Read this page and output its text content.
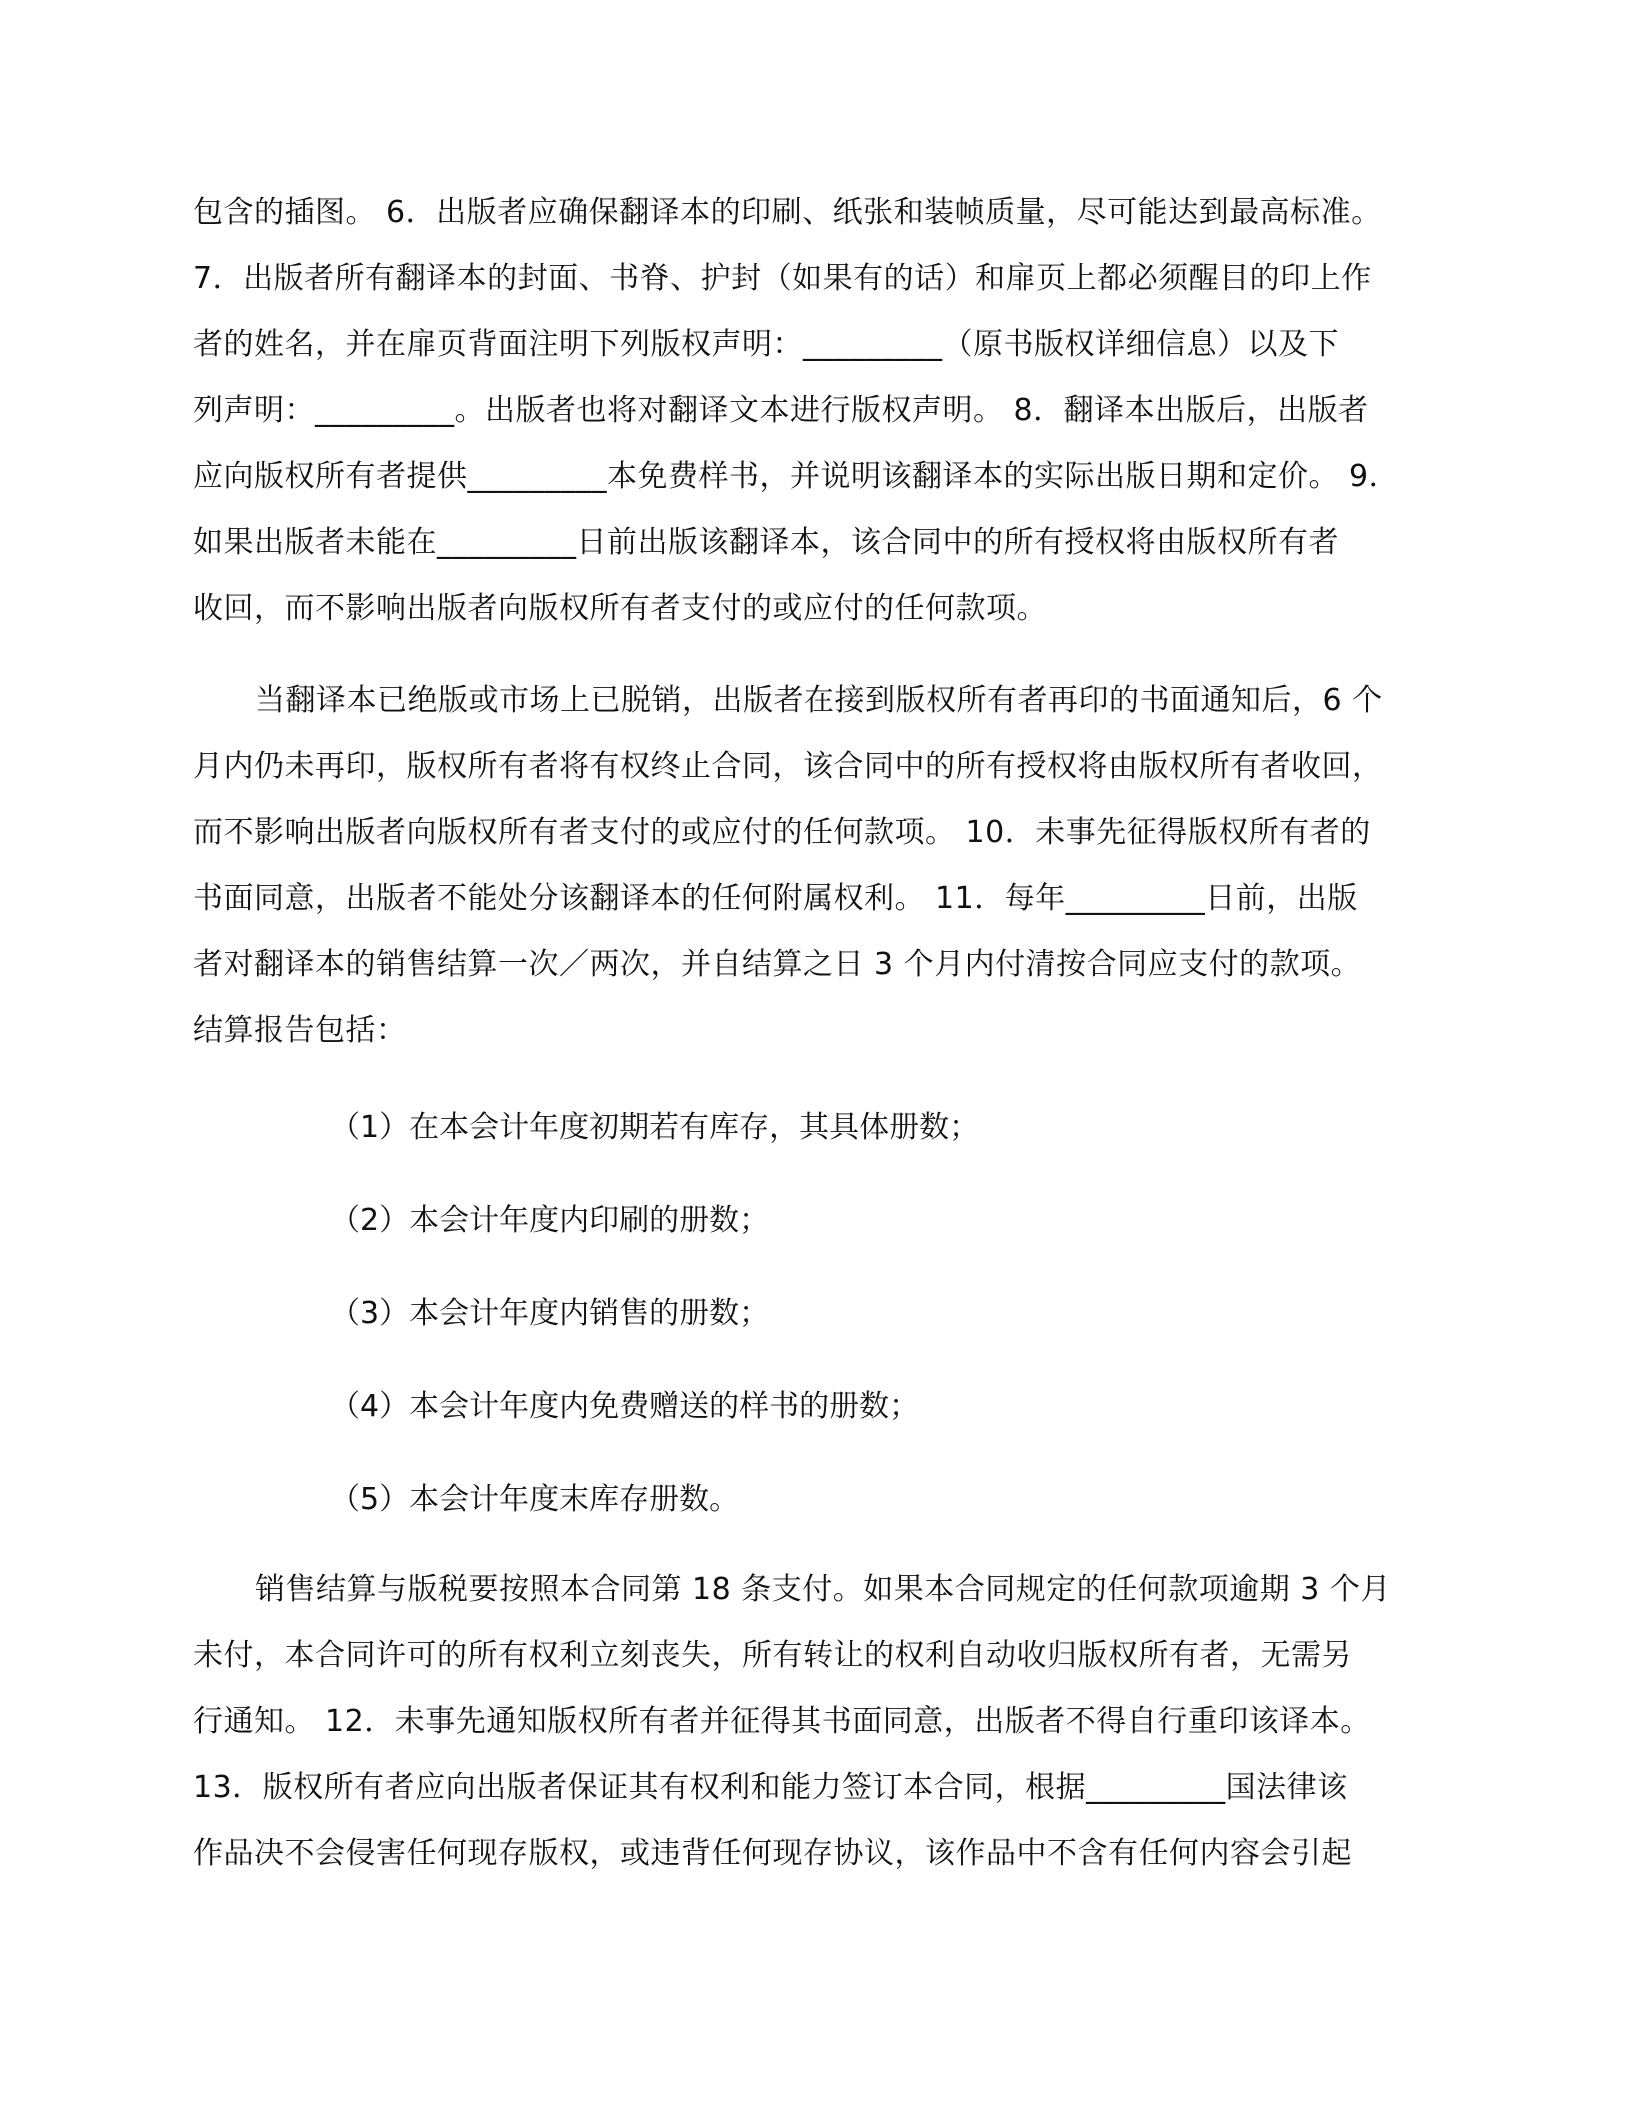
包含的插图。 6．出版者应确保翻译本的印刷、纸张和装帧质量，尽可能达到最高标准。
7．出版者所有翻译本的封面、书脊、护封（如果有的话）和扉页上都必须醒目的印上作
者的姓名，并在扉页背面注明下列版权声明：_________（原书版权详细信息）以及下
列声明：_________。出版者也将对翻译文本进行版权声明。 8．翻译本出版后，出版者
应向版权所有者提供_________本免费样书，并说明该翻译本的实际出版日期和定价。 9．
如果出版者未能在_________日前出版该翻译本，该合同中的所有授权将由版权所有者
收回，而不影响出版者向版权所有者支付的或应付的任何款项。
当翻译本已绝版或市场上已脱销，出版者在接到版权所有者再印的书面通知后，6 个
月内仍未再印，版权所有者将有权终止合同，该合同中的所有授权将由版权所有者收回，
而不影响出版者向版权所有者支付的或应付的任何款项。 10．未事先征得版权所有者的
书面同意，出版者不能处分该翻译本的任何附属权利。 11．每年_________日前，出版
者对翻译本的销售结算一次／两次，并自结算之日 3 个月内付清按合同应支付的款项。
结算报告包括：
（1）在本会计年度初期若有库存，其具体册数；
（2）本会计年度内印刷的册数；
（3）本会计年度内销售的册数；
（4）本会计年度内免费赠送的样书的册数；
（5）本会计年度末库存册数。
销售结算与版税要按照本合同第 18 条支付。如果本合同规定的任何款项逾期 3 个月
未付，本合同许可的所有权利立刻丧失，所有转让的权利自动收归版权所有者，无需另
行通知。 12．未事先通知版权所有者并征得其书面同意，出版者不得自行重印该译本。
13．版权所有者应向出版者保证其有权利和能力签订本合同，根据_________国法律该
作品决不会侵害任何现存版权，或违背任何现存协议，该作品中不含有任何内容会引起
